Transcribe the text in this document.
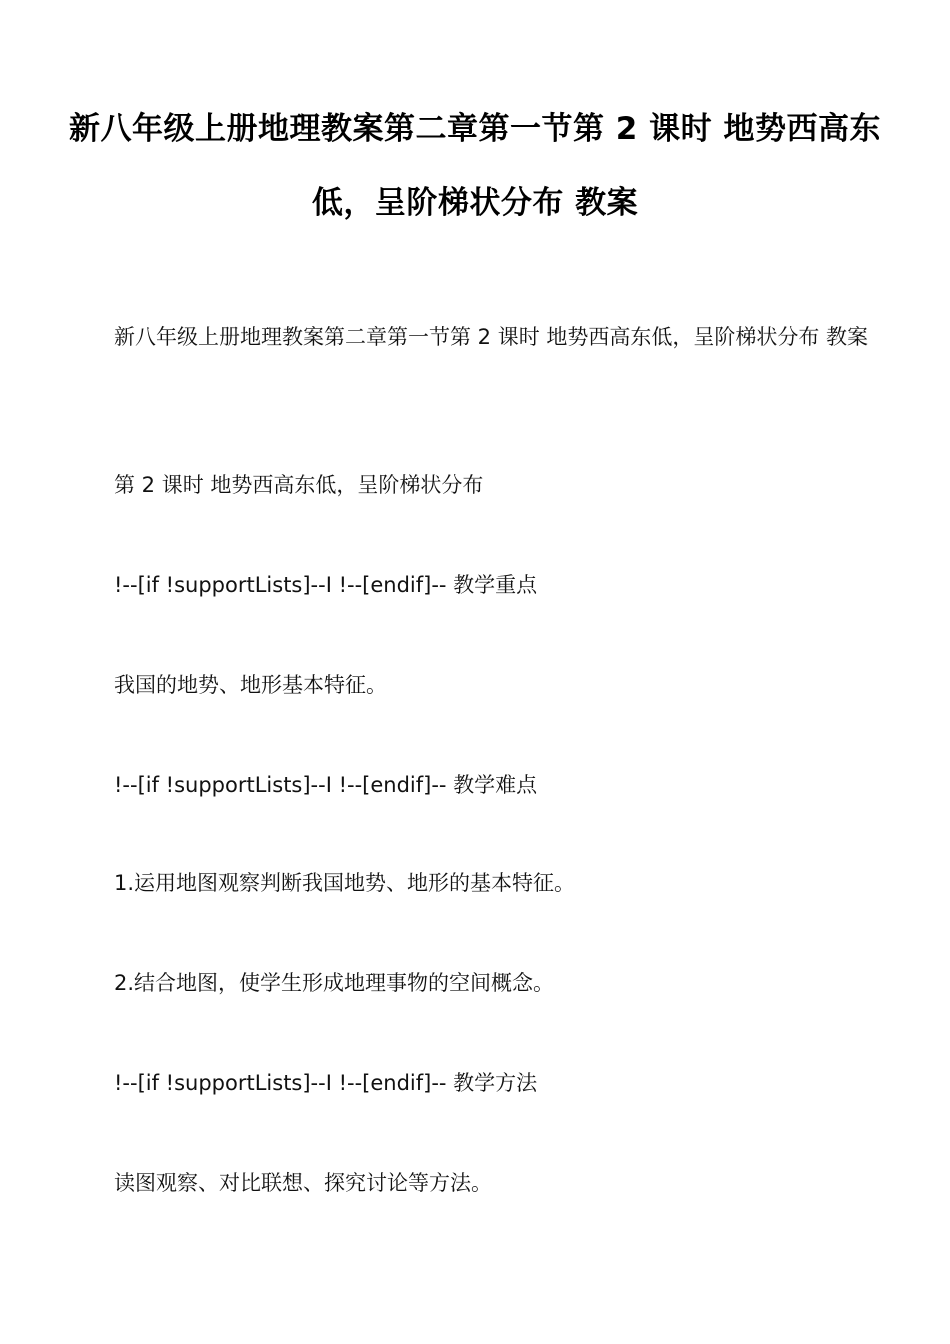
新八年级上册地理教案第二章第一节第 2 课时 地势西高东低，呈阶梯状分布 教案

新八年级上册地理教案第二章第一节第 2 课时 地势西高东低，呈阶梯状分布 教案

第 2 课时 地势西高东低，呈阶梯状分布

!--[if !supportLists]--Ⅰ !--[endif]-- 教学重点

我国的地势、地形基本特征。

!--[if !supportLists]--Ⅰ !--[endif]-- 教学难点

1.运用地图观察判断我国地势、地形的基本特征。

2.结合地图，使学生形成地理事物的空间概念。

!--[if !supportLists]--Ⅰ !--[endif]-- 教学方法

读图观察、对比联想、探究讨论等方法。
